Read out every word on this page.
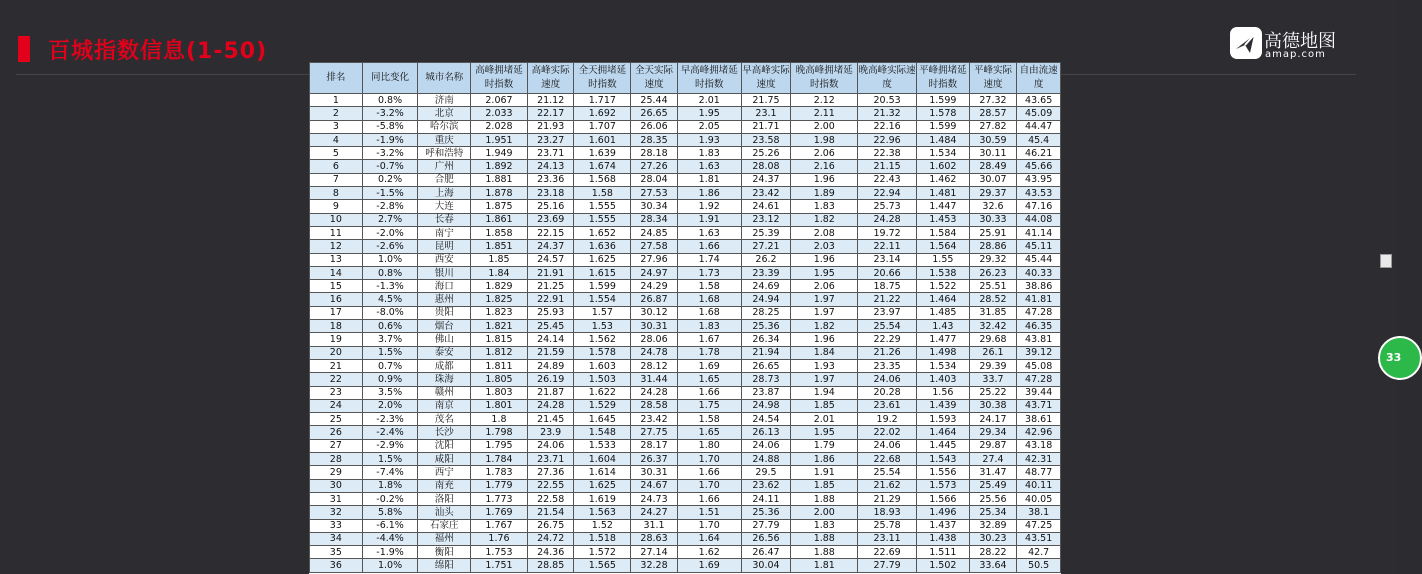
百城指数信息(1-50)	高德地图
amap.com
排名	同比变化	城市名称	高峰拥堵延时指数	高峰实际速度	全天拥堵延时指数	全天实际速度	早高峰拥堵延时指数	早高峰实际速度	晚高峰拥堵延时指数	晚高峰实际速度	平峰拥堵延时指数	平峰实际速度	自由流速度
1	0.8%	济南	2.067	21.12	1.717	25.44	2.01	21.75	2.12	20.53	1.599	27.32	43.65
2	-3.2%	北京	2.033	22.17	1.692	26.65	1.95	23.1	2.11	21.32	1.578	28.57	45.09
3	-5.8%	哈尔滨	2.028	21.93	1.707	26.06	2.05	21.71	2.00	22.16	1.599	27.82	44.47
4	-1.9%	重庆	1.951	23.27	1.601	28.35	1.93	23.58	1.98	22.96	1.484	30.59	45.4
5	-3.2%	呼和浩特	1.949	23.71	1.639	28.18	1.83	25.26	2.06	22.38	1.534	30.11	46.21
6	-0.7%	广州	1.892	24.13	1.674	27.26	1.63	28.08	2.16	21.15	1.602	28.49	45.66
7	0.2%	合肥	1.881	23.36	1.568	28.04	1.81	24.37	1.96	22.43	1.462	30.07	43.95
8	-1.5%	上海	1.878	23.18	1.58	27.53	1.86	23.42	1.89	22.94	1.481	29.37	43.53
9	-2.8%	大连	1.875	25.16	1.555	30.34	1.92	24.61	1.83	25.73	1.447	32.6	47.16
10	2.7%	长春	1.861	23.69	1.555	28.34	1.91	23.12	1.82	24.28	1.453	30.33	44.08
11	-2.0%	南宁	1.858	22.15	1.652	24.85	1.63	25.39	2.08	19.72	1.584	25.91	41.14
12	-2.6%	昆明	1.851	24.37	1.636	27.58	1.66	27.21	2.03	22.11	1.564	28.86	45.11
13	1.0%	西安	1.85	24.57	1.625	27.96	1.74	26.2	1.96	23.14	1.55	29.32	45.44
14	0.8%	银川	1.84	21.91	1.615	24.97	1.73	23.39	1.95	20.66	1.538	26.23	40.33
15	-1.3%	海口	1.829	21.25	1.599	24.29	1.58	24.69	2.06	18.75	1.522	25.51	38.86
16	4.5%	惠州	1.825	22.91	1.554	26.87	1.68	24.94	1.97	21.22	1.464	28.52	41.81
17	-8.0%	贵阳	1.823	25.93	1.57	30.12	1.68	28.25	1.97	23.97	1.485	31.85	47.28
18	0.6%	烟台	1.821	25.45	1.53	30.31	1.83	25.36	1.82	25.54	1.43	32.42	46.35
19	3.7%	佛山	1.815	24.14	1.562	28.06	1.67	26.34	1.96	22.29	1.477	29.68	43.81
20	1.5%	泰安	1.812	21.59	1.578	24.78	1.78	21.94	1.84	21.26	1.498	26.1	39.12
21	0.7%	成都	1.811	24.89	1.603	28.12	1.69	26.65	1.93	23.35	1.534	29.39	45.08
22	0.9%	珠海	1.805	26.19	1.503	31.44	1.65	28.73	1.97	24.06	1.403	33.7	47.28
23	3.5%	赣州	1.803	21.87	1.622	24.28	1.66	23.87	1.94	20.28	1.56	25.22	39.44
24	2.0%	南京	1.801	24.28	1.529	28.58	1.75	24.98	1.85	23.61	1.439	30.38	43.71
25	-2.3%	茂名	1.8	21.45	1.645	23.42	1.58	24.54	2.01	19.2	1.593	24.17	38.61
26	-2.4%	长沙	1.798	23.9	1.548	27.75	1.65	26.13	1.95	22.02	1.464	29.34	42.96
27	-2.9%	沈阳	1.795	24.06	1.533	28.17	1.80	24.06	1.79	24.06	1.445	29.87	43.18
28	1.5%	咸阳	1.784	23.71	1.604	26.37	1.70	24.88	1.86	22.68	1.543	27.4	42.31
29	-7.4%	西宁	1.783	27.36	1.614	30.31	1.66	29.5	1.91	25.54	1.556	31.47	48.77
30	1.8%	南充	1.779	22.55	1.625	24.67	1.70	23.62	1.85	21.62	1.573	25.49	40.11
31	-0.2%	洛阳	1.773	22.58	1.619	24.73	1.66	24.11	1.88	21.29	1.566	25.56	40.05
32	5.8%	汕头	1.769	21.54	1.563	24.27	1.51	25.36	2.00	18.93	1.496	25.34	38.1
33	-6.1%	石家庄	1.767	26.75	1.52	31.1	1.70	27.79	1.83	25.78	1.437	32.89	47.25
34	-4.4%	福州	1.76	24.72	1.518	28.63	1.64	26.56	1.88	23.11	1.438	30.23	43.51
35	-1.9%	衡阳	1.753	24.36	1.572	27.14	1.62	26.47	1.88	22.69	1.511	28.22	42.7
36	1.0%	绵阳	1.751	28.85	1.565	32.28	1.69	30.04	1.81	27.79	1.502	33.64	50.5
33
